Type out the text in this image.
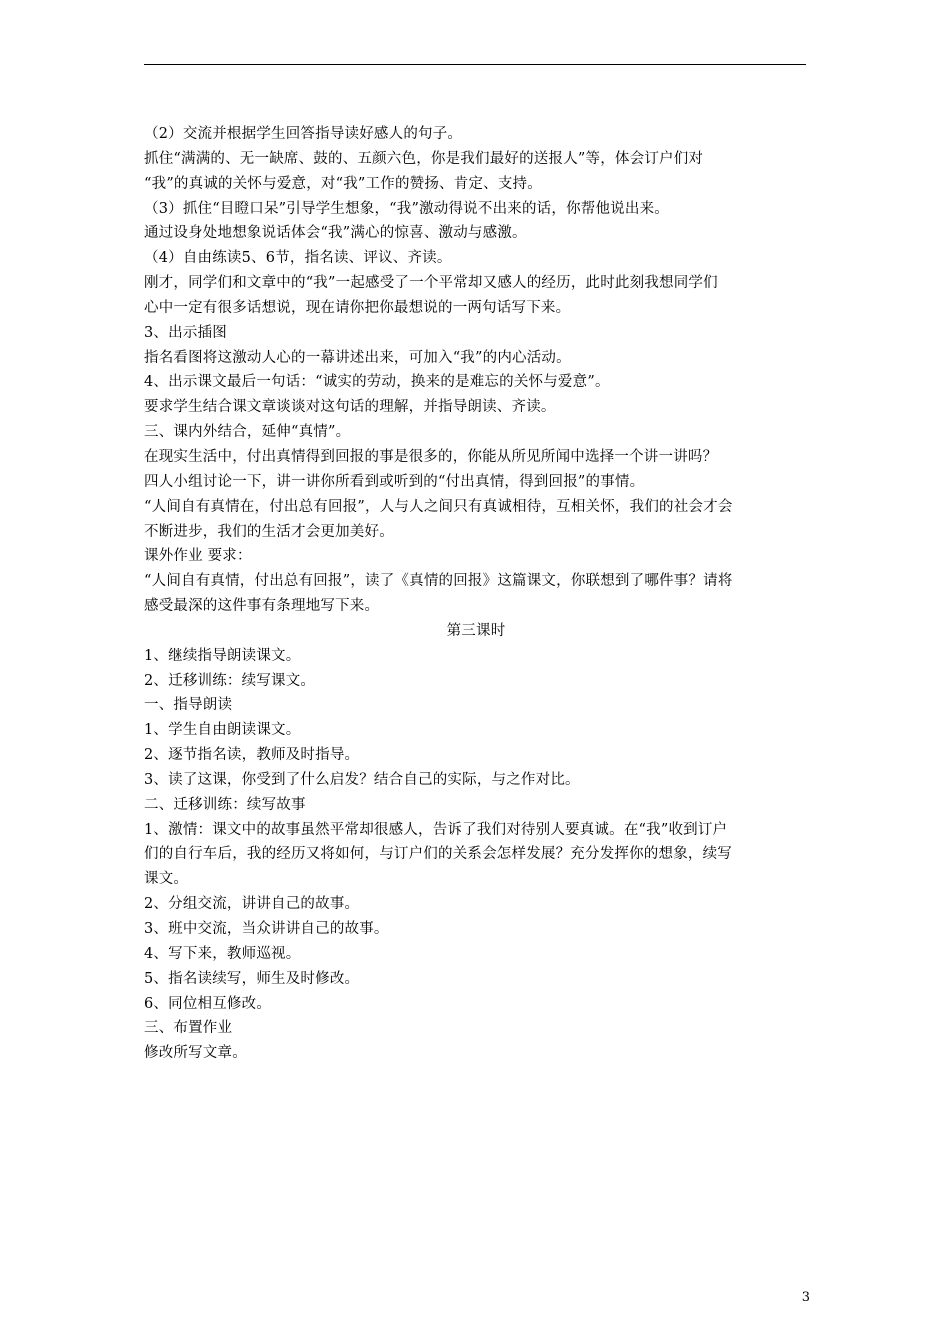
（2）交流并根据学生回答指导读好感人的句子。
抓住“满满的、无一缺席、鼓的、五颜六色，你是我们最好的送报人”等，体会订户们对
“我”的真诚的关怀与爱意，对“我”工作的赞扬、肯定、支持。
（3）抓住“目瞪口呆”引导学生想象，“我”激动得说不出来的话，你帮他说出来。
通过设身处地想象说话体会“我”满心的惊喜、激动与感激。
（4）自由练读5、6节，指名读、评议、齐读。
刚才，同学们和文章中的“我”一起感受了一个平常却又感人的经历，此时此刻我想同学们
心中一定有很多话想说，现在请你把你最想说的一两句话写下来。
3、出示插图
指名看图将这激动人心的一幕讲述出来，可加入“我”的内心活动。
4、出示课文最后一句话：“诚实的劳动，换来的是难忘的关怀与爱意”。
要求学生结合课文章谈谈对这句话的理解，并指导朗读、齐读。
三、课内外结合，延伸“真情”。
在现实生活中，付出真情得到回报的事是很多的，你能从所见所闻中选择一个讲一讲吗？
四人小组讨论一下，讲一讲你所看到或听到的“付出真情，得到回报”的事情。
“人间自有真情在，付出总有回报”，人与人之间只有真诚相待，互相关怀，我们的社会才会
不断进步，我们的生活才会更加美好。
课外作业 要求：
“人间自有真情，付出总有回报”，读了《真情的回报》这篇课文，你联想到了哪件事？请将
感受最深的这件事有条理地写下来。
第三课时
1、继续指导朗读课文。
2、迁移训练：续写课文。
一、指导朗读
1、学生自由朗读课文。
2、逐节指名读，教师及时指导。
3、读了这课，你受到了什么启发？结合自己的实际，与之作对比。
二、迁移训练：续写故事
1、激情：课文中的故事虽然平常却很感人，告诉了我们对待别人要真诚。在“我”收到订户
们的自行车后，我的经历又将如何，与订户们的关系会怎样发展？充分发挥你的想象，续写
课文。
2、分组交流，讲讲自己的故事。
3、班中交流，当众讲讲自己的故事。
4、写下来，教师巡视。
5、指名读续写，师生及时修改。
6、同位相互修改。
三、布置作业
修改所写文章。
3
